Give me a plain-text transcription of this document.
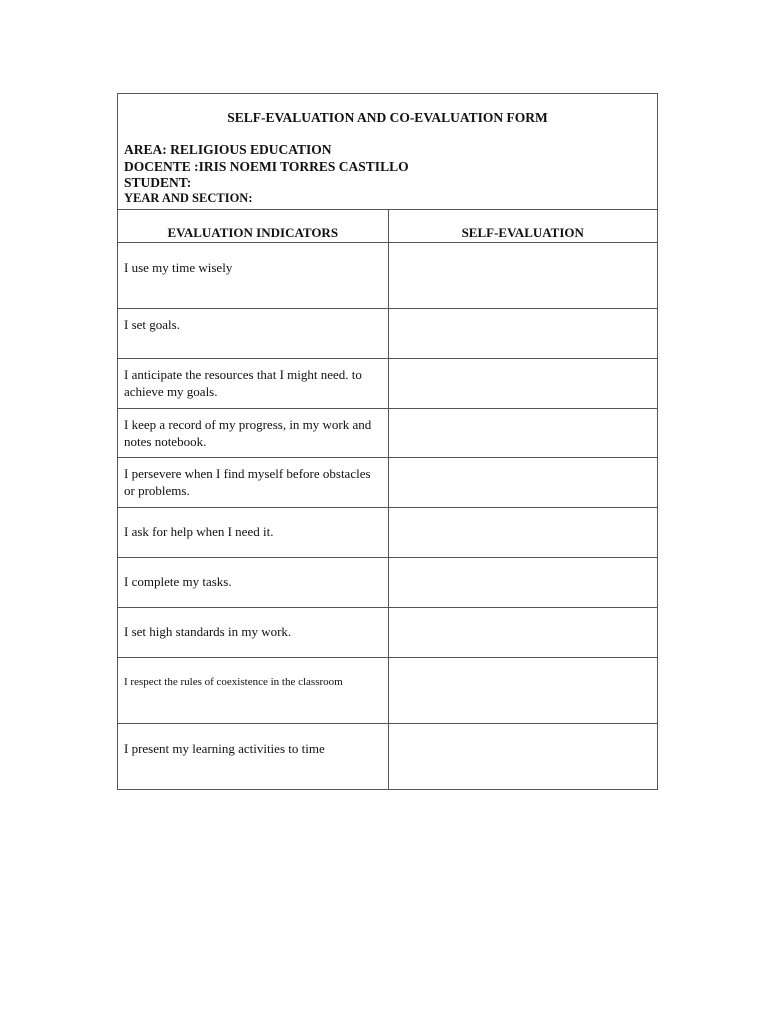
SELF-EVALUATION AND CO-EVALUATION FORM
AREA: RELIGIOUS EDUCATION
DOCENTE :IRIS NOEMI TORRES CASTILLO
STUDENT:
YEAR AND SECTION:
EVALUATION INDICATORS	SELF-EVALUATION
I use my time wisely	
I set goals.	
I anticipate the resources that I might need. to achieve my goals.	
I keep a record of my progress, in my work and notes notebook.	
I persevere when I find myself before obstacles or problems.	
I ask for help when I need it.	
I complete my tasks.	
I set high standards in my work.	
I respect the rules of coexistence in the classroom	
I present my learning activities to time	
